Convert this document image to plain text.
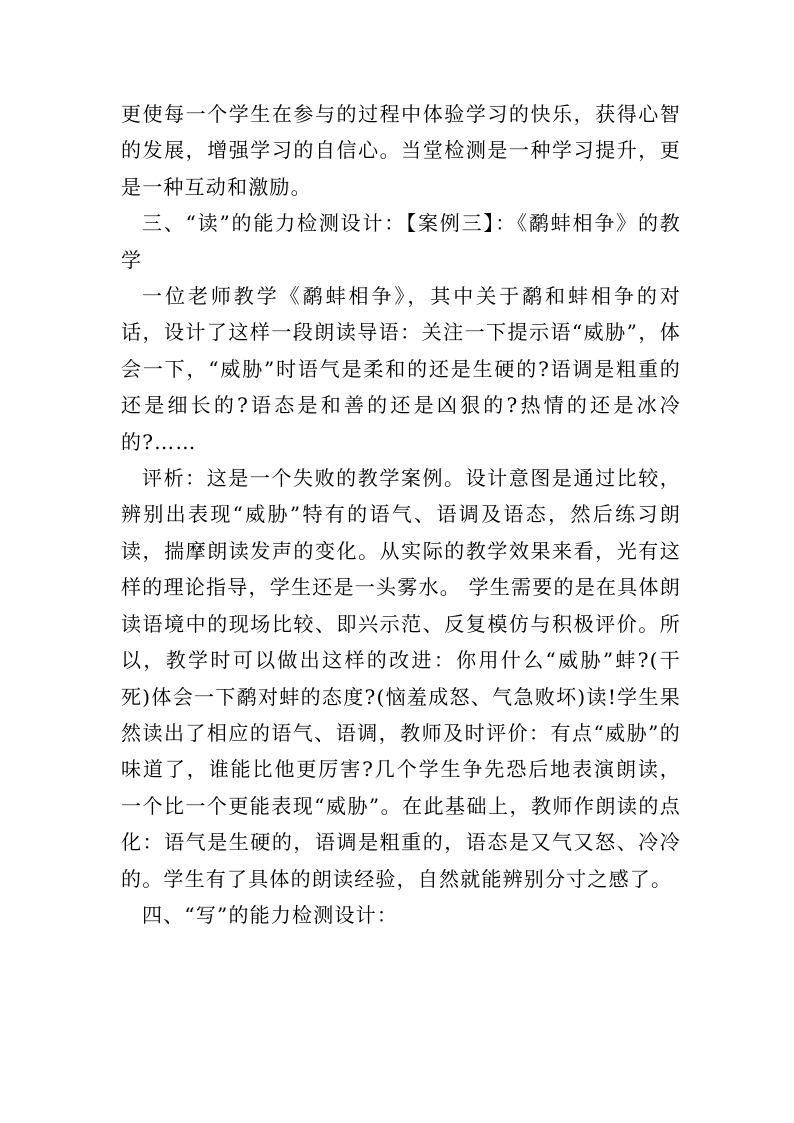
更使每一个学生在参与的过程中体验学习的快乐，获得心智的发展，增强学习的自信心。当堂检测是一种学习提升，更是一种互动和激励。

三、“读”的能力检测设计：【案例三】：《鹬蚌相争》的教学

一位老师教学《鹬蚌相争》，其中关于鹬和蚌相争的对话，设计了这样一段朗读导语：关注一下提示语“威胁”，体会一下，“威胁”时语气是柔和的还是生硬的?语调是粗重的还是细长的?语态是和善的还是凶狠的?热情的还是冰冷的?……

评析：这是一个失败的教学案例。设计意图是通过比较，辨别出表现“威胁”特有的语气、语调及语态，然后练习朗读，揣摩朗读发声的变化。从实际的教学效果来看，光有这样的理论指导，学生还是一头雾水。 学生需要的是在具体朗读语境中的现场比较、即兴示范、反复模仿与积极评价。所以，教学时可以做出这样的改进：你用什么“威胁”蚌?(干死)体会一下鹬对蚌的态度?(恼羞成怒、气急败坏)读!学生果然读出了相应的语气、语调，教师及时评价：有点“威胁”的味道了，谁能比他更厉害?几个学生争先恐后地表演朗读，一个比一个更能表现“威胁”。在此基础上，教师作朗读的点化：语气是生硬的，语调是粗重的，语态是又气又怒、冷冷的。学生有了具体的朗读经验，自然就能辨别分寸之感了。

四、“写”的能力检测设计：
